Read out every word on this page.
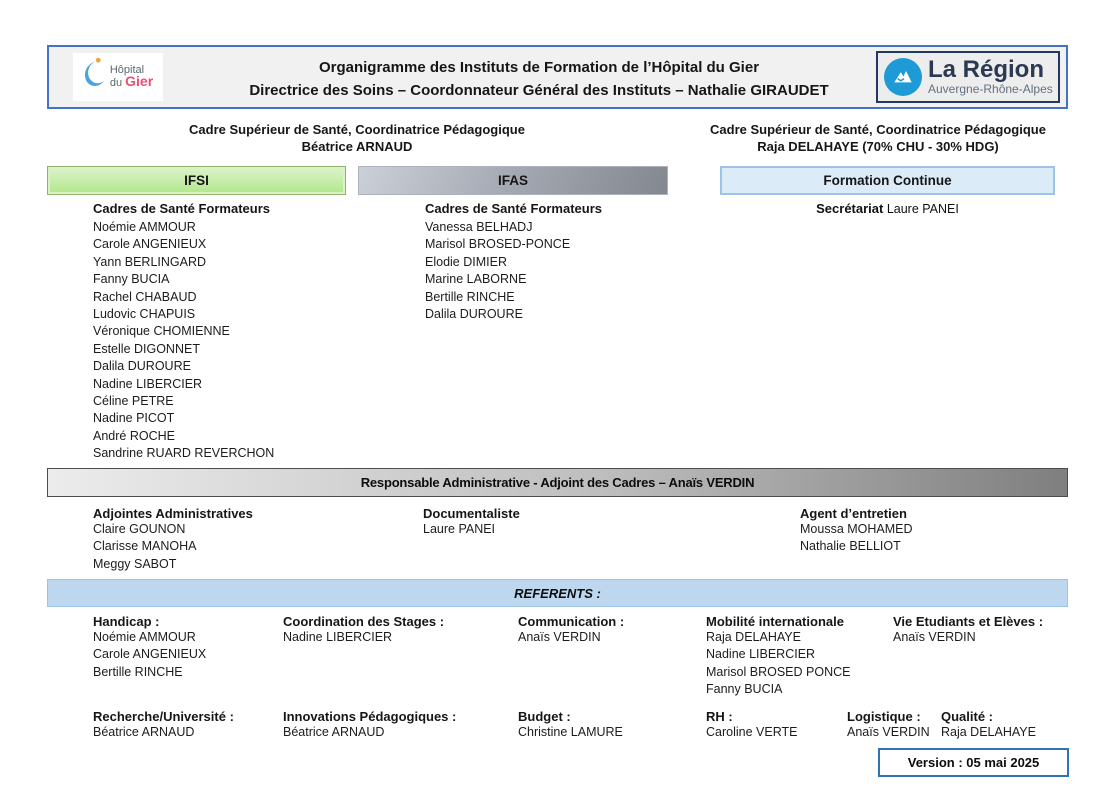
Hôpital
du Gier
Organigramme des Instituts de Formation de l’Hôpital du Gier
Directrice des Soins – Coordonnateur Général des Instituts – Nathalie GIRAUDET
La Région
Auvergne-Rhône-Alpes
Cadre Supérieur de Santé, Coordinatrice Pédagogique
Béatrice ARNAUD
Cadre Supérieur de Santé, Coordinatrice Pédagogique
Raja DELAHAYE (70% CHU - 30% HDG)
IFSI	IFAS	Formation Continue
Cadres de Santé Formateurs
Noémie AMMOUR
Carole ANGENIEUX
Yann BERLINGARD
Fanny BUCIA
Rachel CHABAUD
Ludovic CHAPUIS
Véronique CHOMIENNE
Estelle DIGONNET
Dalila DUROURE
Nadine LIBERCIER
Céline PETRE
Nadine PICOT
André ROCHE
Sandrine RUARD REVERCHON
Cadres de Santé Formateurs
Vanessa BELHADJ
Marisol BROSED-PONCE
Elodie DIMIER
Marine LABORNE
Bertille RINCHE
Dalila DUROURE
Secrétariat Laure PANEI
Responsable Administrative - Adjoint des Cadres – Anaïs VERDIN
Adjointes Administratives
Claire GOUNON
Clarisse MANOHA
Meggy SABOT
Documentaliste
Laure PANEI
Agent d’entretien
Moussa MOHAMED
Nathalie BELLIOT
REFERENTS :
Handicap :
Noémie AMMOUR
Carole ANGENIEUX
Bertille RINCHE
Coordination des Stages :
Nadine LIBERCIER
Communication :
Anaïs VERDIN
Mobilité internationale
Raja DELAHAYE
Nadine LIBERCIER
Marisol BROSED PONCE
Fanny BUCIA
Vie Etudiants et Elèves :
Anaïs VERDIN
Recherche/Université :
Béatrice ARNAUD
Innovations Pédagogiques :
Béatrice ARNAUD
Budget :
Christine LAMURE
RH :
Caroline VERTE
Logistique :
Anaïs VERDIN
Qualité :
Raja DELAHAYE
Version : 05 mai 2025
